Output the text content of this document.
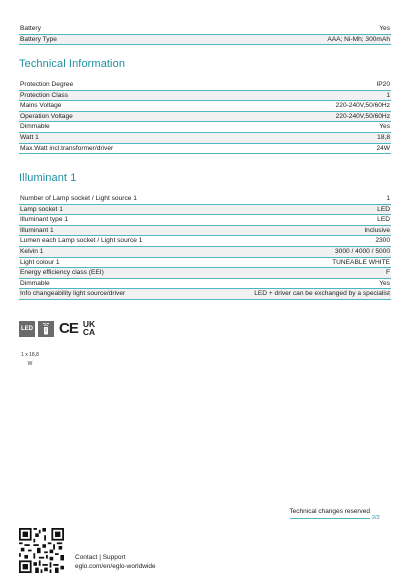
Battery	Yes
Battery Type	AAA; Ni-Mh; 300mAh
Technical Information
Protection Degree	IP20
Protection Class	1
Mains Voltage	220-240V,50/60Hz
Operation Voltage	220-240V,50/60Hz
Dimmable	Yes
Watt 1	18,8
Max.Watt incl.transformer/driver	24W
Illuminant 1
Number of Lamp socket / Light source 1	1
Lamp socket 1	LED
Illuminant type 1	LED
Illuminant 1	Inclusive
Lumen each Lamp socket / Light source 1	2300
Kelvin 1	3000 / 4000 / 5000
Light colour 1	TUNEABLE WHITE
Energy efficiency class (EEI)	F
Dimmable	Yes
Info changeability light source/driver	LED + driver can be exchanged by a specialist
LED CE UK
CA
1 x 18,8
W
Technical changes reserved
2/2
Contact | Support
eglo.com/en/eglo-worldwide
